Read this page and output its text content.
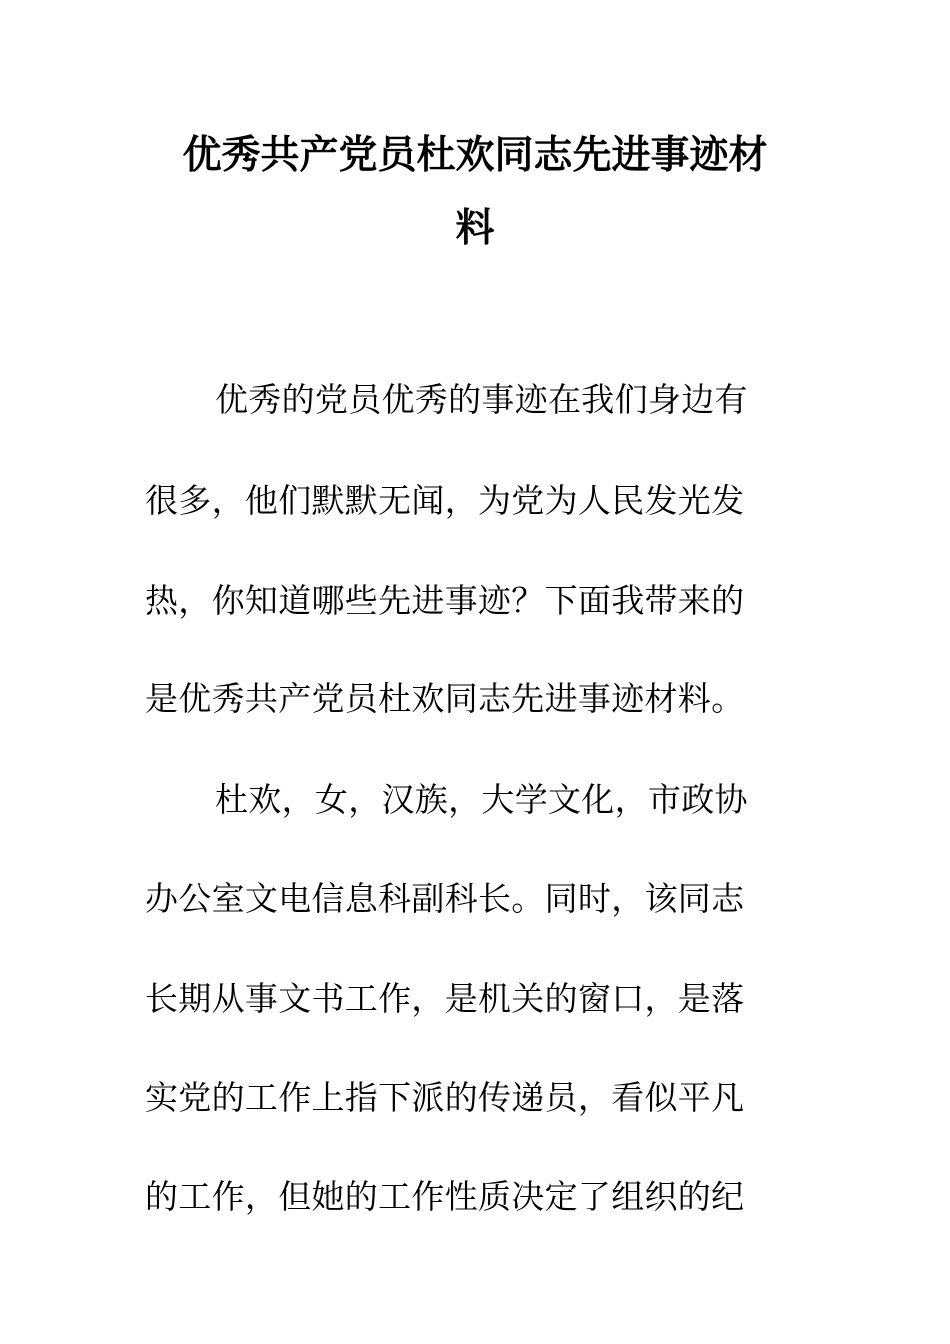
优秀共产党员杜欢同志先进事迹材
料
优秀的党员优秀的事迹在我们身边有
很多，他们默默无闻，为党为人民发光发
热，你知道哪些先进事迹？下面我带来的
是优秀共产党员杜欢同志先进事迹材料。
杜欢，女，汉族，大学文化，市政协
办公室文电信息科副科长。同时，该同志
长期从事文书工作，是机关的窗口，是落
实党的工作上指下派的传递员，看似平凡
的工作，但她的工作性质决定了组织的纪
